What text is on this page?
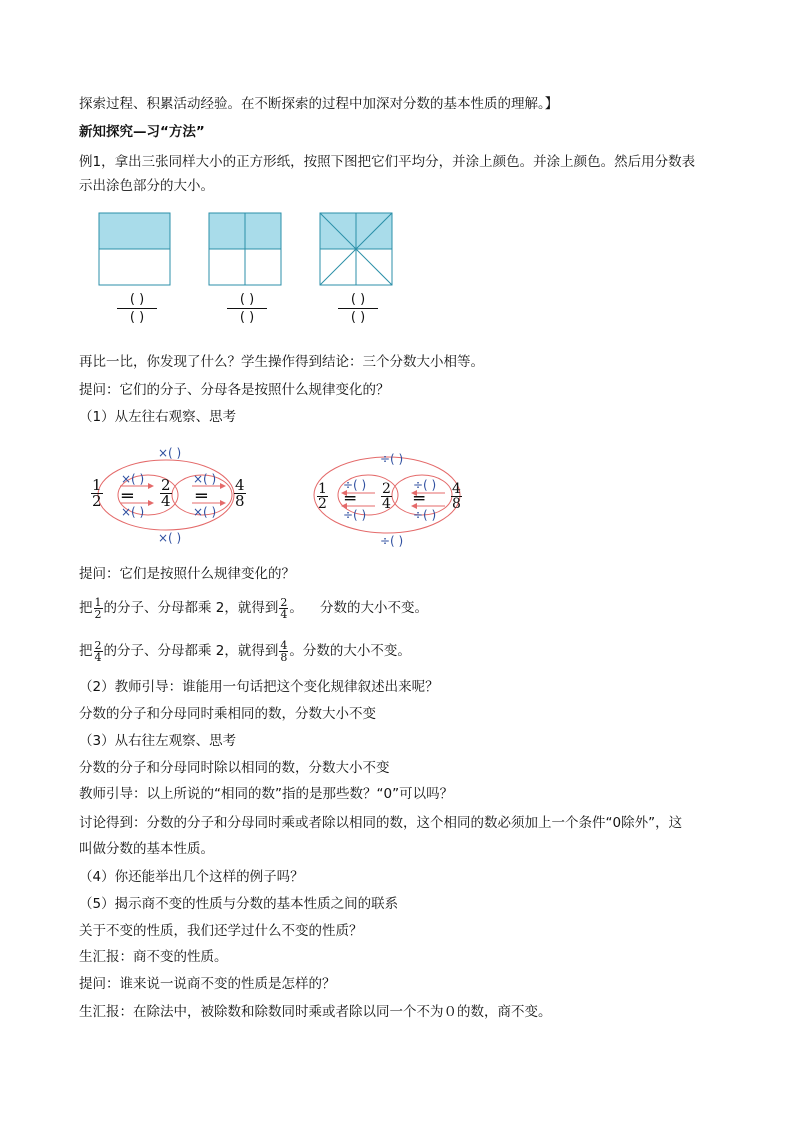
探索过程、积累活动经验。在不断探索的过程中加深对分数的基本性质的理解。】
新知探究—习“方法”
例1，拿出三张同样大小的正方形纸，按照下图把它们平均分，并涂上颜色。并涂上颜色。然后用分数表
示出涂色部分的大小。
( )
( )
( )
( )
( )
( )
再比一比，你发现了什么？学生操作得到结论：三个分数大小相等。
提问：它们的分子、分母各是按照什么规律变化的？
（1）从左往右观察、思考
×( )
×( )
×( )
×( )
×( )
×( )
$\frac{1}{2}$ ═ $\frac{2}{4}$ ═ $\frac{4}{8}$
÷( )
÷( )
÷( )
÷( )
÷( )
÷( )
$\frac{1}{2}$ ═ $\frac{2}{4}$ ═ $\frac{4}{8}$
提问：它们是按照什么规律变化的？
把 $\frac{1}{2}$ 的分子、分母都乘 2，就得到 $\frac{2}{4}$ 。    分数的大小不变。
把 $\frac{2}{4}$ 的分子、分母都乘 2，就得到 $\frac{4}{8}$ 。分数的大小不变。
（2）教师引导：谁能用一句话把这个变化规律叙述出来呢？
分数的分子和分母同时乘相同的数，分数大小不变
（3）从右往左观察、思考
分数的分子和分母同时除以相同的数，分数大小不变
教师引导：以上所说的“相同的数”指的是那些数？“0”可以吗？
讨论得到：分数的分子和分母同时乘或者除以相同的数，这个相同的数必须加上一个条件“0除外”，这
叫做分数的基本性质。
（4）你还能举出几个这样的例子吗？
（5）揭示商不变的性质与分数的基本性质之间的联系
关于不变的性质，我们还学过什么不变的性质？
生汇报：商不变的性质。
提问：谁来说一说商不变的性质是怎样的？
生汇报：在除法中，被除数和除数同时乘或者除以同一个不为０的数，商不变。
